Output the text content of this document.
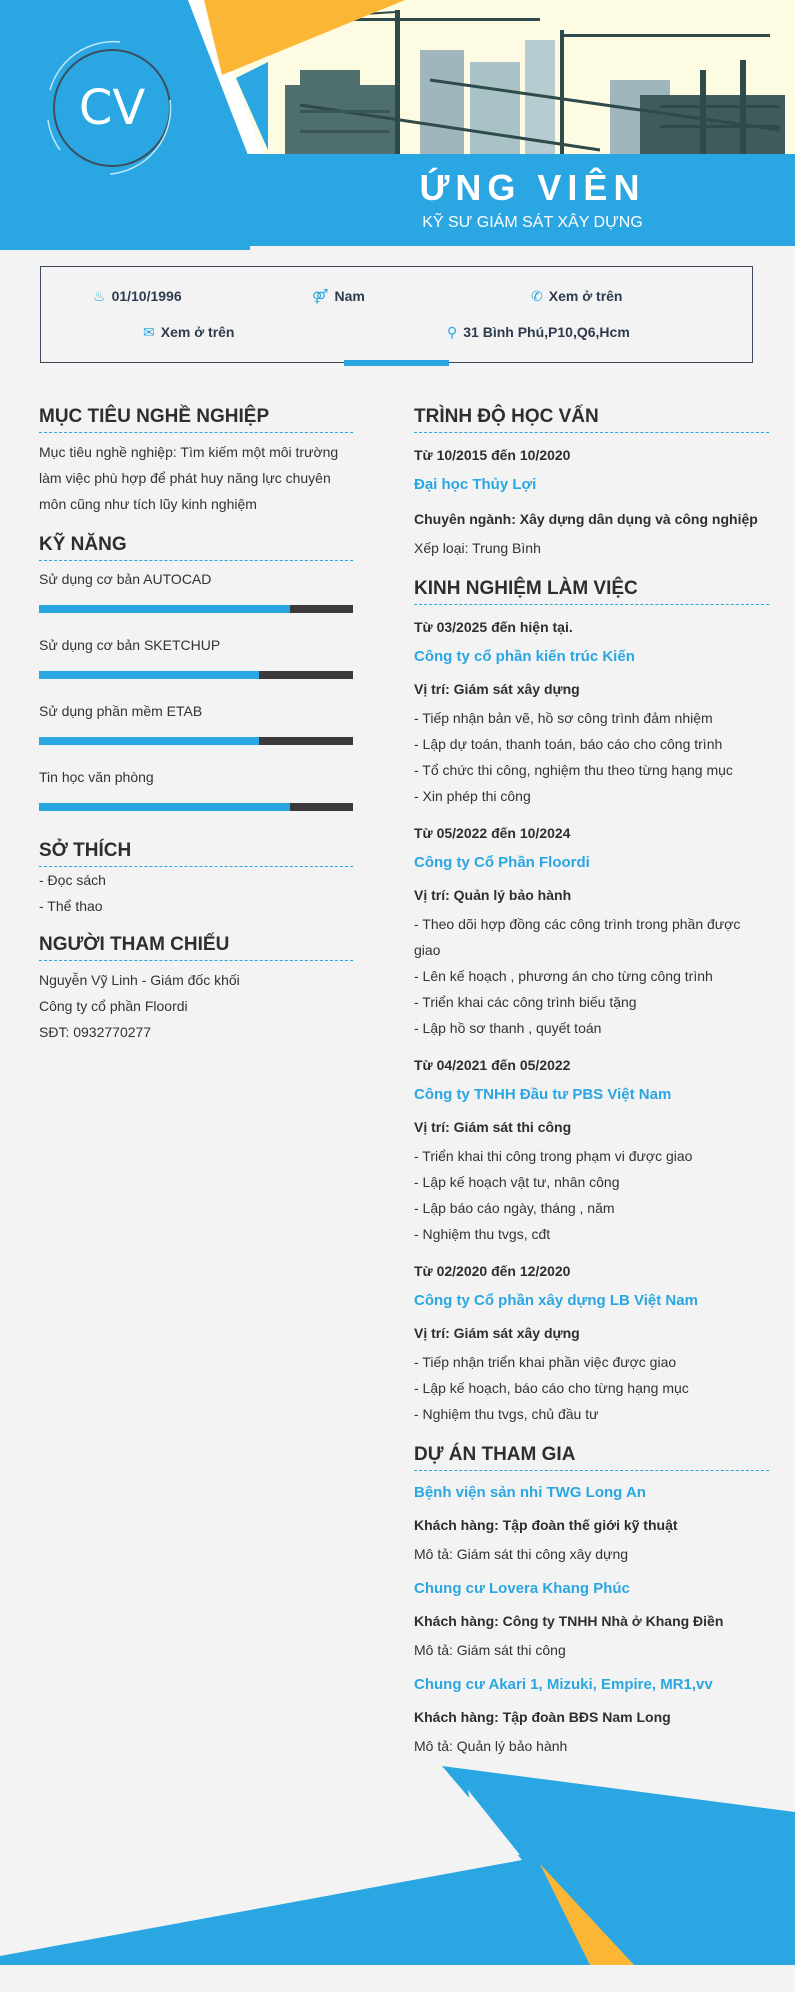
CV
ỨNG VIÊN
KỸ SƯ GIÁM SÁT XÂY DỰNG
♨ 01/10/1996	⚤ Nam	✆ Xem ở trên
✉ Xem ở trên	⚲ 31 Bình Phú,P10,Q6,Hcm
MỤC TIÊU NGHỀ NGHIỆP

Mục tiêu nghề nghiệp: Tìm kiếm một môi trường làm việc phù hợp để phát huy năng lực chuyên môn cũng như tích lũy kinh nghiệm

KỸ NĂNG
Sử dụng cơ bản AUTOCAD
Sử dụng cơ bản SKETCHUP
Sử dụng phần mềm ETAB
Tin học văn phòng
SỞ THÍCH
- Đọc sách
- Thể thao
NGƯỜI THAM CHIẾU

Nguyễn Vỹ Linh - Giám đốc khối

Công ty cổ phần Floordi

SĐT: 0932770277

TRÌNH ĐỘ HỌC VẤN
Từ 10/2015 đến 10/2020
Đại học Thủy Lợi
Chuyên ngành: Xây dựng dân dụng và công nghiệp

Xếp loại: Trung Bình

KINH NGHIỆM LÀM VIỆC
Từ 03/2025 đến hiện tại.
Công ty cổ phần kiến trúc Kiến
Vị trí: Giám sát xây dựng
- Tiếp nhận bản vẽ, hồ sơ công trình đảm nhiệm
- Lập dự toán, thanh toán, báo cáo cho công trình
- Tổ chức thi công, nghiệm thu theo từng hạng mục
- Xin phép thi công
Từ 05/2022 đến 10/2024
Công ty Cổ Phần Floordi
Vị trí: Quản lý bảo hành
- Theo dõi hợp đồng các công trình trong phần được giao
- Lên kế hoạch , phương án cho từng công trình
- Triển khai các công trình biếu tặng
- Lập hồ sơ thanh , quyết toán
Từ 04/2021 đến 05/2022
Công ty TNHH Đầu tư PBS Việt Nam
Vị trí: Giám sát thi công
- Triển khai thi công trong phạm vi được giao
- Lập kế hoạch vật tư, nhân công
- Lập báo cáo ngày, tháng , năm
- Nghiệm thu tvgs, cđt
Từ 02/2020 đến 12/2020
Công ty Cổ phần xây dựng LB Việt Nam
Vị trí: Giám sát xây dựng
- Tiếp nhận triển khai phần việc được giao
- Lập kế hoạch, báo cáo cho từng hạng mục
- Nghiệm thu tvgs, chủ đầu tư
DỰ ÁN THAM GIA
Bệnh viện sản nhi TWG Long An
Khách hàng: Tập đoàn thế giới kỹ thuật

Mô tả: Giám sát thi công xây dựng

Chung cư Lovera Khang Phúc
Khách hàng: Công ty TNHH Nhà ở Khang Điền

Mô tả: Giám sát thi công

Chung cư Akari 1, Mizuki, Empire, MR1,vv
Khách hàng: Tập đoàn BĐS Nam Long

Mô tả: Quản lý bảo hành
